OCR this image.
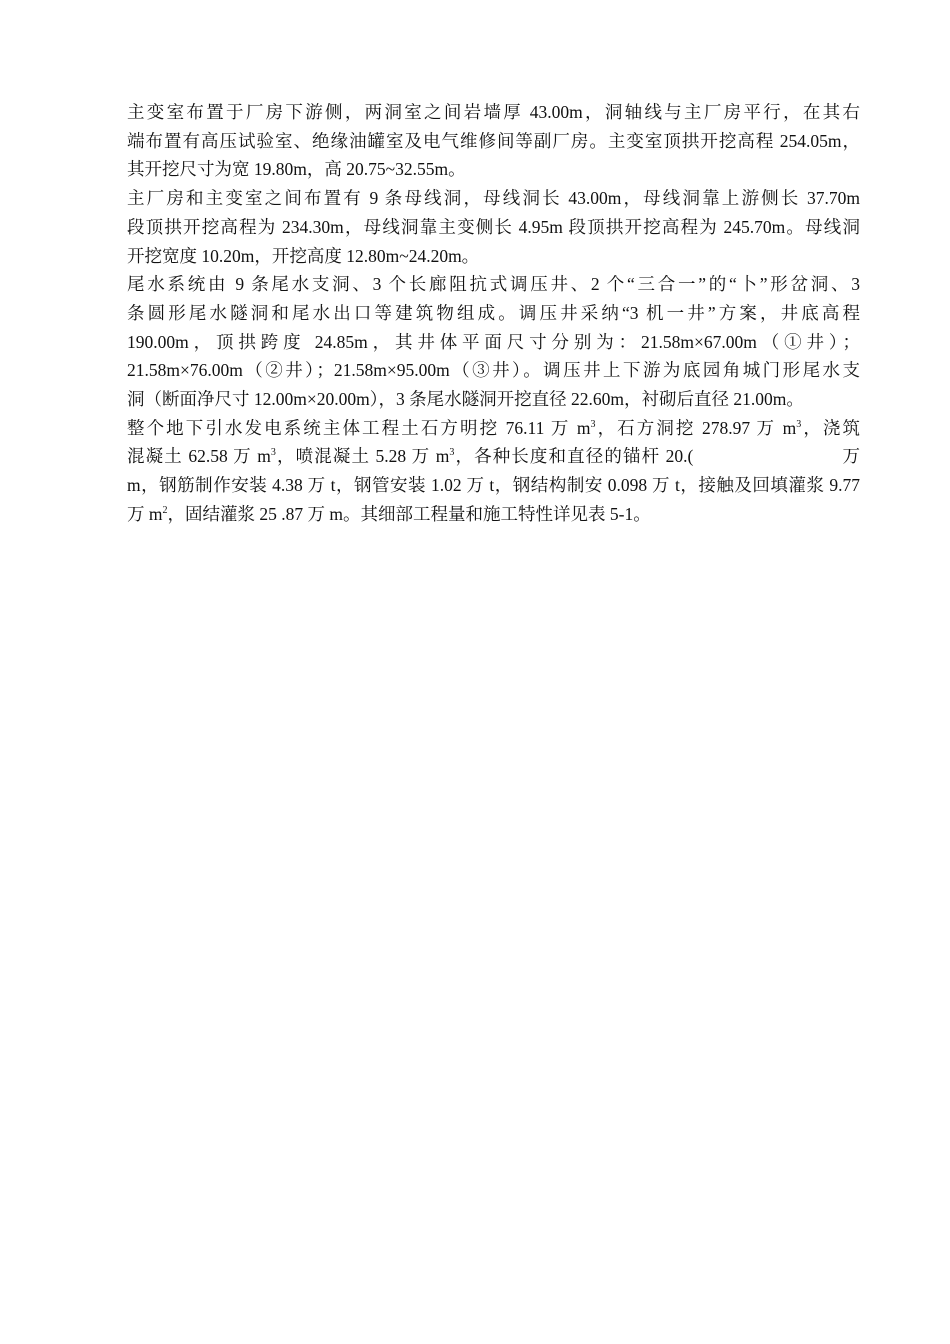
主变室布置于厂房下游侧，两洞室之间岩墙厚 43.00m，洞轴线与主厂房平行，在其右
端布置有高压试验室、绝缘油罐室及电气维修间等副厂房。主变室顶拱开挖高程 254.05m，
其开挖尺寸为宽 19.80m，高 20.75~32.55m。
主厂房和主变室之间布置有 9 条母线洞，母线洞长 43.00m，母线洞靠上游侧长 37.70m
段顶拱开挖高程为 234.30m，母线洞靠主变侧长 4.95m 段顶拱开挖高程为 245.70m。母线洞
开挖宽度 10.20m，开挖高度 12.80m~24.20m。
尾水系统由 9 条尾水支洞、3 个长廊阻抗式调压井、2 个“三合一”的“卜”形岔洞、3
条圆形尾水隧洞和尾水出口等建筑物组成。调压井采纳“3 机一井”方案，井底高程
190.00m，顶拱跨度 24.85m，其井体平面尺寸分别为：21.58m×67.00m（①井）；
21.58m×76.00m（②井）；21.58m×95.00m（③井）。调压井上下游为底园角城门形尾水支
洞（断面净尺寸 12.00m×20.00m），3 条尾水隧洞开挖直径 22.60m，衬砌后直径 21.00m。
整个地下引水发电系统主体工程土石方明挖 76.11 万 $m^3$，石方洞挖 278.97 万 $m^3$，浇筑
混凝土 62.58 万 $m^3$，喷混凝土 5.28 万 $m^3$，各种长度和直径的锚杆 20.(	万
m，钢筋制作安装 4.38 万 t，钢管安装 1.02 万 t，钢结构制安 0.098 万 t，接触及回填灌浆 9.77
万 $m^2$，固结灌浆 25 .87 万 m。其细部工程量和施工特性详见表 5-1。
